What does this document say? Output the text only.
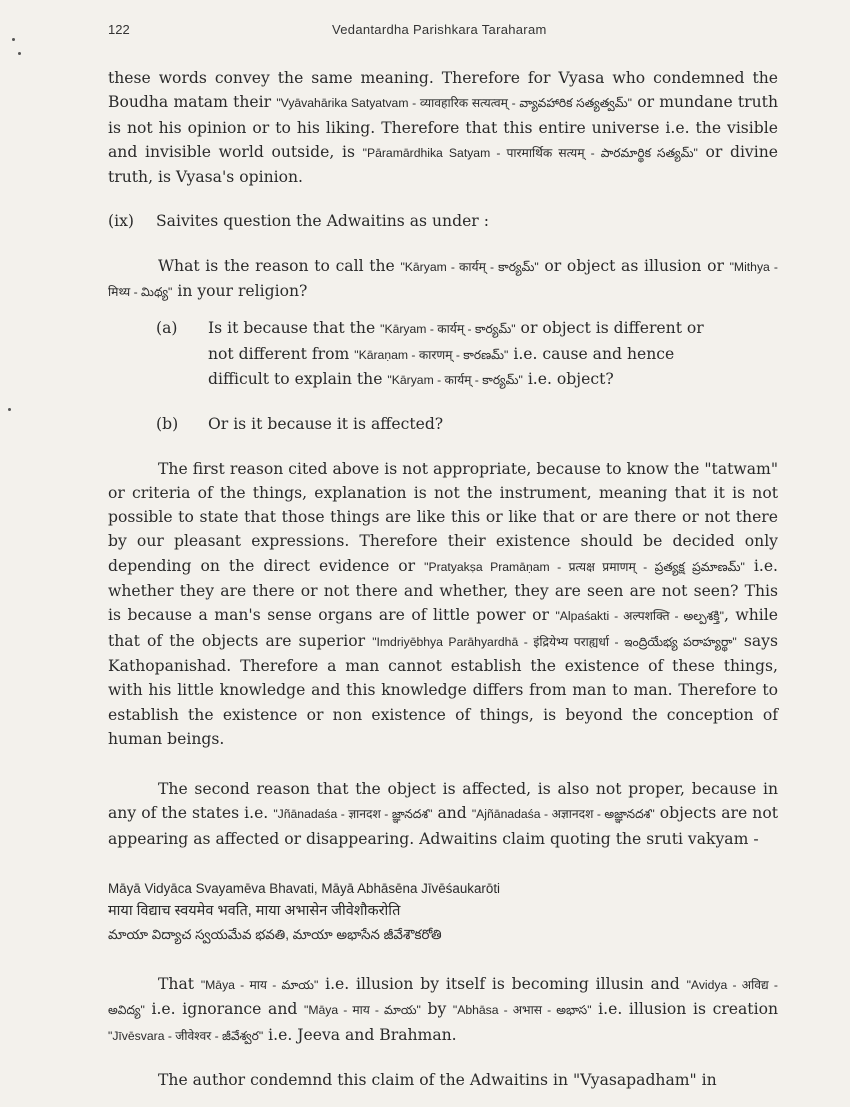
122	Vedantardha Parishkara Taraharam

these words convey the same meaning. Therefore for Vyasa who condemned the Boudha matam their "Vyāvahārika Satyatvam - व्यावहारिक सत्यत्वम् - వ్యావహారిక సత్యత్వమ్" or mundane truth is not his opinion or to his liking. Therefore that this entire universe i.e. the visible and invisible world outside, is "Pāramārdhika Satyam - पारमार्थिक सत्यम् - పారమార్థిక సత్యమ్" or divine truth, is Vyasa's opinion.

(ix) Saivites question the Adwaitins as under :

What is the reason to call the "Kāryam - कार्यम् - కార్యమ్" or object as illusion or "Mithya - मिथ्य - మిథ్య" in your religion?

(a) Is it because that the "Kāryam - कार्यम् - కార్యమ్" or object is different or

not different from "Kāraṇam - कारणम् - కారణమ్" i.e. cause and hence

difficult to explain the "Kāryam - कार्यम् - కార్యమ్" i.e. object?

(b) Or is it because it is affected?

The first reason cited above is not appropriate, because to know the "tatwam" or criteria of the things, explanation is not the instrument, meaning that it is not possible to state that those things are like this or like that or are there or not there by our pleasant expressions. Therefore their existence should be decided only depending on the direct evidence or "Pratyakṣa Pramāṇam - प्रत्यक्ष प्रमाणम् - ప్రత్యక్ష ప్రమాణమ్" i.e. whether they are there or not there and whether, they are seen are not seen? This is because a man's sense organs are of little power or "Alpaśakti - अल्पशक्ति - అల్పశక్తి", while that of the objects are superior "Imdriyēbhya Parāhyardhā - इंद्रियेभ्य पराह्यर्धा - ఇంద్రియేభ్య పరాహ్యర్థా" says Kathopanishad. Therefore a man cannot establish the existence of these things, with his little knowledge and this knowledge differs from man to man. Therefore to establish the existence or non existence of things, is beyond the conception of human beings.

The second reason that the object is affected, is also not proper, because in any of the states i.e. "Jñānadaśa - ज्ञानदश - జ్ఞానదశ" and "Ajñānadaśa - अज्ञानदश - అజ్ఞానదశ" objects are not appearing as affected or disappearing. Adwaitins claim quoting the sruti vakyam -

Māyā Vidyāca Svayamēva Bhavati, Māyā Abhāsēna Jīvēśaukarōti
माया विद्याच स्वयमेव भवति, माया अभासेन जीवेशौकरोति
మాయా విద్యాచ స్వయమేవ భవతి, మాయా అభాసేన జీవేశౌకరోతి

That "Māya - माय - మాయ" i.e. illusion by itself is becoming illusin and "Avidya - अविद्य - అవిద్య" i.e. ignorance and "Māya - माय - మాయ" by "Abhāsa - अभास - అభాస" i.e. illusion is creation "Jīvēsvara - जीवेश्वर - జీవేశ్వర" i.e. Jeeva and Brahman.

The author condemnd this claim of the Adwaitins in "Vyasapadham" in
